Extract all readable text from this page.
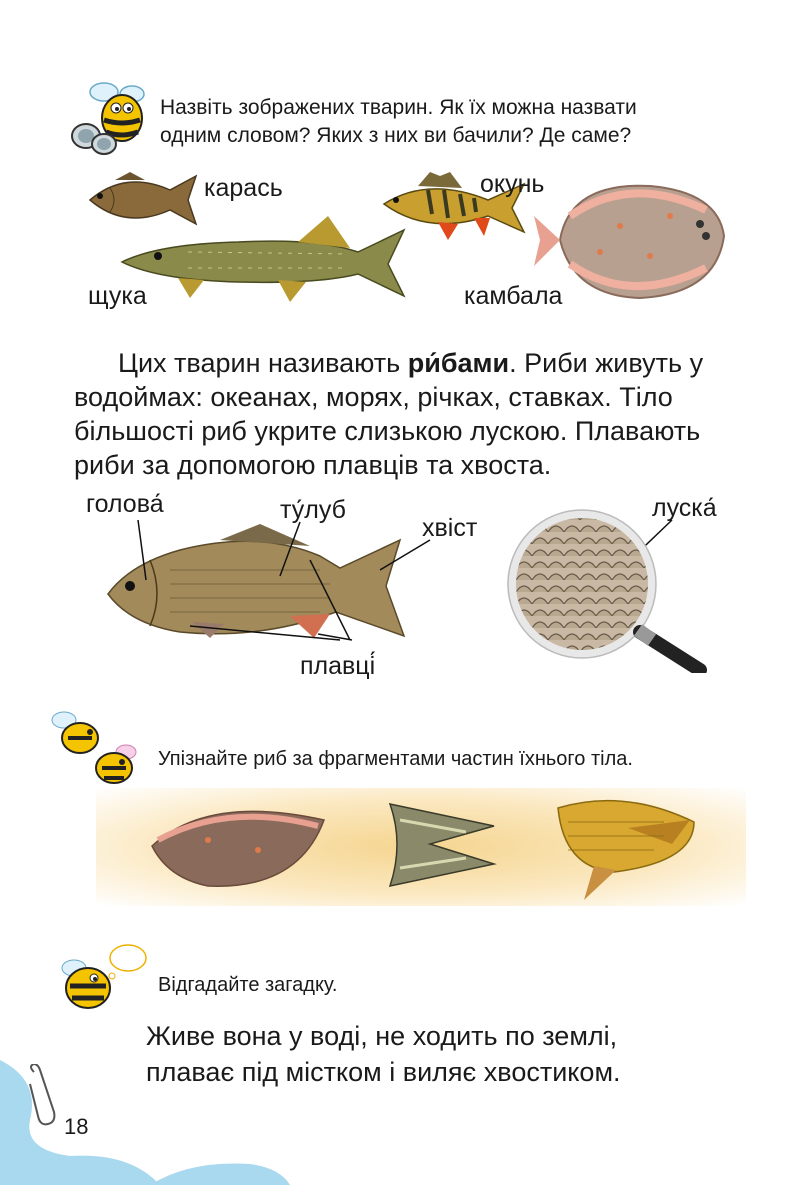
Назвіть зображених тварин. Як їх можна назвати
одним словом? Яких з них ви бачили? Де саме?
карась	окунь
щука	камбала
Цих тварин називають ри́бами. Риби живуть у
водоймах: океанах, морях, річках, ставках. Тіло
більшості риб укрите слизькою лускою. Плавають
риби за допомогою плавців та хвоста.
голова́	ту́луб
хвіст
плавці́
луска́
Упізнайте риб за фрагментами частин їхнього тіла.
Відгадайте загадку.
Живе вона у воді, не ходить по землі,
плаває під містком і виляє хвостиком.
18
